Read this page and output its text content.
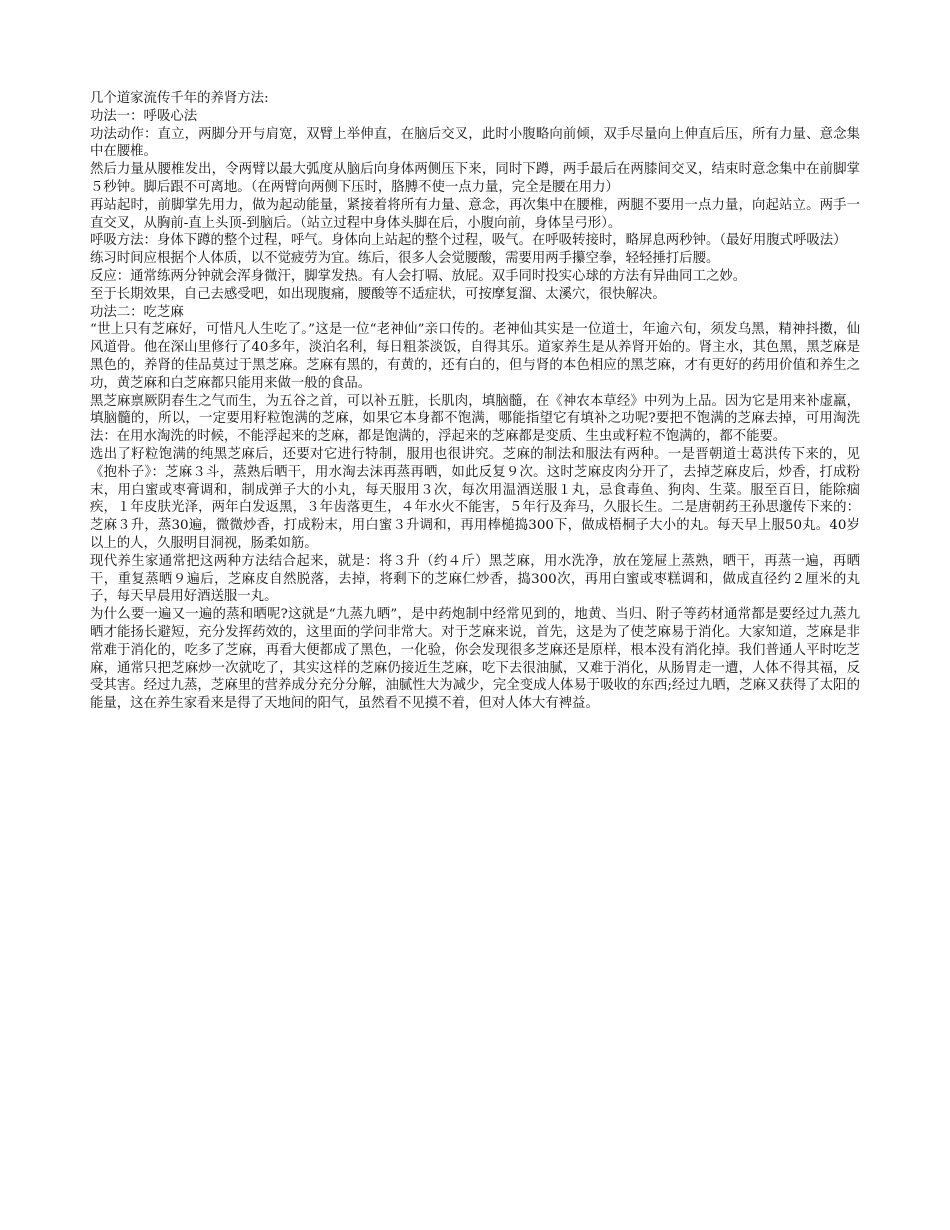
几个道家流传千年的养肾方法:

功法一：呼吸心法

功法动作：直立，两脚分开与肩宽，双臂上举伸直，在脑后交叉，此时小腹略向前倾，双手尽量向上伸直后压，所有力量、意念集中在腰椎。

然后力量从腰椎发出，令两臂以最大弧度从脑后向身体两侧压下来，同时下蹲，两手最后在两膝间交叉，结束时意念集中在前脚掌５秒钟。脚后跟不可离地。（在两臂向两侧下压时，胳膊不使一点力量，完全是腰在用力）

再站起时，前脚掌先用力，做为起动能量，紧接着将所有力量、意念，再次集中在腰椎，两腿不要用一点力量，向起站立。两手一直交叉，从胸前-直上头顶-到脑后。（站立过程中身体头脚在后，小腹向前，身体呈弓形）。

呼吸方法：身体下蹲的整个过程，呼气。身体向上站起的整个过程，吸气。在呼吸转接时，略屏息两秒钟。（最好用腹式呼吸法）

练习时间应根据个人体质，以不觉疲劳为宜。练后，很多人会觉腰酸，需要用两手攥空拳，轻轻捶打后腰。

反应：通常练两分钟就会浑身微汗，脚掌发热。有人会打嗝、放屁。双手同时投实心球的方法有异曲同工之妙。

至于长期效果，自己去感受吧，如出现腹痛，腰酸等不适症状，可按摩复溜、太溪穴，很快解决。

功法二：吃芝麻

“世上只有芝麻好，可惜凡人生吃了。”这是一位“老神仙”亲口传的。老神仙其实是一位道士，年逾六旬，须发乌黑，精神抖擞，仙风道骨。他在深山里修行了40多年，淡泊名利，每日粗茶淡饭，自得其乐。道家养生是从养肾开始的。肾主水，其色黑，黑芝麻是黑色的，养肾的佳品莫过于黑芝麻。芝麻有黑的，有黄的，还有白的，但与肾的本色相应的黑芝麻，才有更好的药用价值和养生之功，黄芝麻和白芝麻都只能用来做一般的食品。

黑芝麻禀厥阴春生之气而生，为五谷之首，可以补五脏，长肌肉，填脑髓，在《神农本草经》中列为上品。因为它是用来补虚羸，填脑髓的，所以，一定要用籽粒饱满的芝麻，如果它本身都不饱满，哪能指望它有填补之功呢?要把不饱满的芝麻去掉，可用淘洗法：在用水淘洗的时候，不能浮起来的芝麻，都是饱满的，浮起来的芝麻都是变质、生虫或籽粒不饱满的，都不能要。

选出了籽粒饱满的纯黑芝麻后，还要对它进行特制，服用也很讲究。芝麻的制法和服法有两种。一是晋朝道士葛洪传下来的，见《抱朴子》：芝麻３斗，蒸熟后晒干，用水淘去沫再蒸再晒，如此反复９次。这时芝麻皮肉分开了，去掉芝麻皮后，炒香，打成粉末，用白蜜或枣膏调和，制成弹子大的小丸，每天服用３次，每次用温酒送服１丸，忌食毒鱼、狗肉、生菜。服至百日，能除痼疾，１年皮肤光泽，两年白发返黑，３年齿落更生，４年水火不能害，５年行及奔马，久服长生。二是唐朝药王孙思邈传下来的：芝麻３升，蒸30遍，微微炒香，打成粉末，用白蜜３升调和，再用棒槌捣300下，做成梧桐子大小的丸。每天早上服50丸。40岁以上的人，久服明目洞视，肠柔如筋。

现代养生家通常把这两种方法结合起来，就是：将３升（约４斤）黑芝麻，用水洗净，放在笼屉上蒸熟，晒干，再蒸一遍，再晒干，重复蒸晒９遍后，芝麻皮自然脱落，去掉，将剩下的芝麻仁炒香，捣300次，再用白蜜或枣糕调和，做成直径约２厘米的丸子，每天早晨用好酒送服一丸。

为什么要一遍又一遍的蒸和晒呢?这就是“九蒸九晒”，是中药炮制中经常见到的，地黄、当归、附子等药材通常都是要经过九蒸九晒才能扬长避短，充分发挥药效的，这里面的学问非常大。对于芝麻来说，首先，这是为了使芝麻易于消化。大家知道，芝麻是非常难于消化的，吃多了芝麻，再看大便都成了黑色，一化验，你会发现很多芝麻还是原样，根本没有消化掉。我们普通人平时吃芝麻，通常只把芝麻炒一次就吃了，其实这样的芝麻仍接近生芝麻，吃下去很油腻，又难于消化，从肠胃走一遭，人体不得其福，反受其害。经过九蒸，芝麻里的营养成分充分分解，油腻性大为减少，完全变成人体易于吸收的东西;经过九晒，芝麻又获得了太阳的能量，这在养生家看来是得了天地间的阳气，虽然看不见摸不着，但对人体大有裨益。
